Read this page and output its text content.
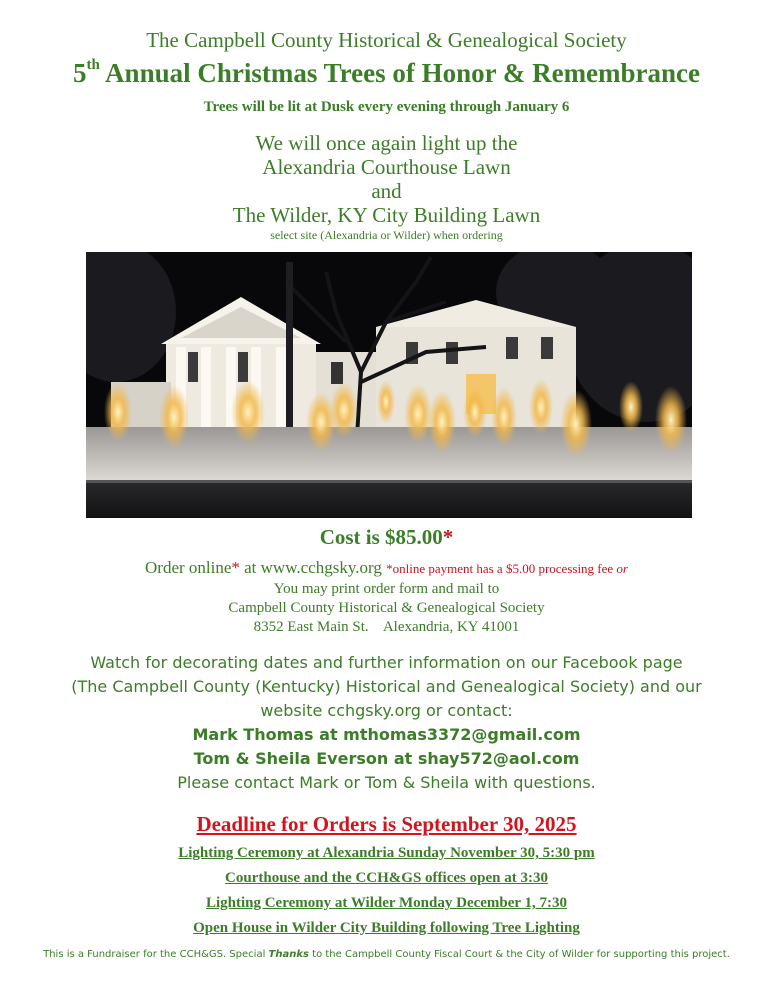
The Campbell County Historical & Genealogical Society
5th Annual Christmas Trees of Honor & Remembrance
Trees will be lit at Dusk every evening through January 6
We will once again light up the
Alexandria Courthouse Lawn
and
The Wilder, KY City Building Lawn
select site (Alexandria or Wilder) when ordering
Cost is $85.00*
Order online* at www.cchgsky.org *online payment has a $5.00 processing fee or
You may print order form and mail to
Campbell County Historical & Genealogical Society
8352 East Main St.    Alexandria, KY 41001
Watch for decorating dates and further information on our Facebook page
(The Campbell County (Kentucky) Historical and Genealogical Society) and our
website cchgsky.org or contact:
Mark Thomas at mthomas3372@gmail.com
Tom & Sheila Everson at shay572@aol.com
Please contact Mark or Tom & Sheila with questions.
Deadline for Orders is September 30, 2025
Lighting Ceremony at Alexandria Sunday November 30, 5:30 pm
Courthouse and the CCH&GS offices open at 3:30
Lighting Ceremony at Wilder Monday December 1, 7:30
Open House in Wilder City Building following Tree Lighting
This is a Fundraiser for the CCH&GS. Special Thanks to the Campbell County Fiscal Court & the City of Wilder for supporting this project.
